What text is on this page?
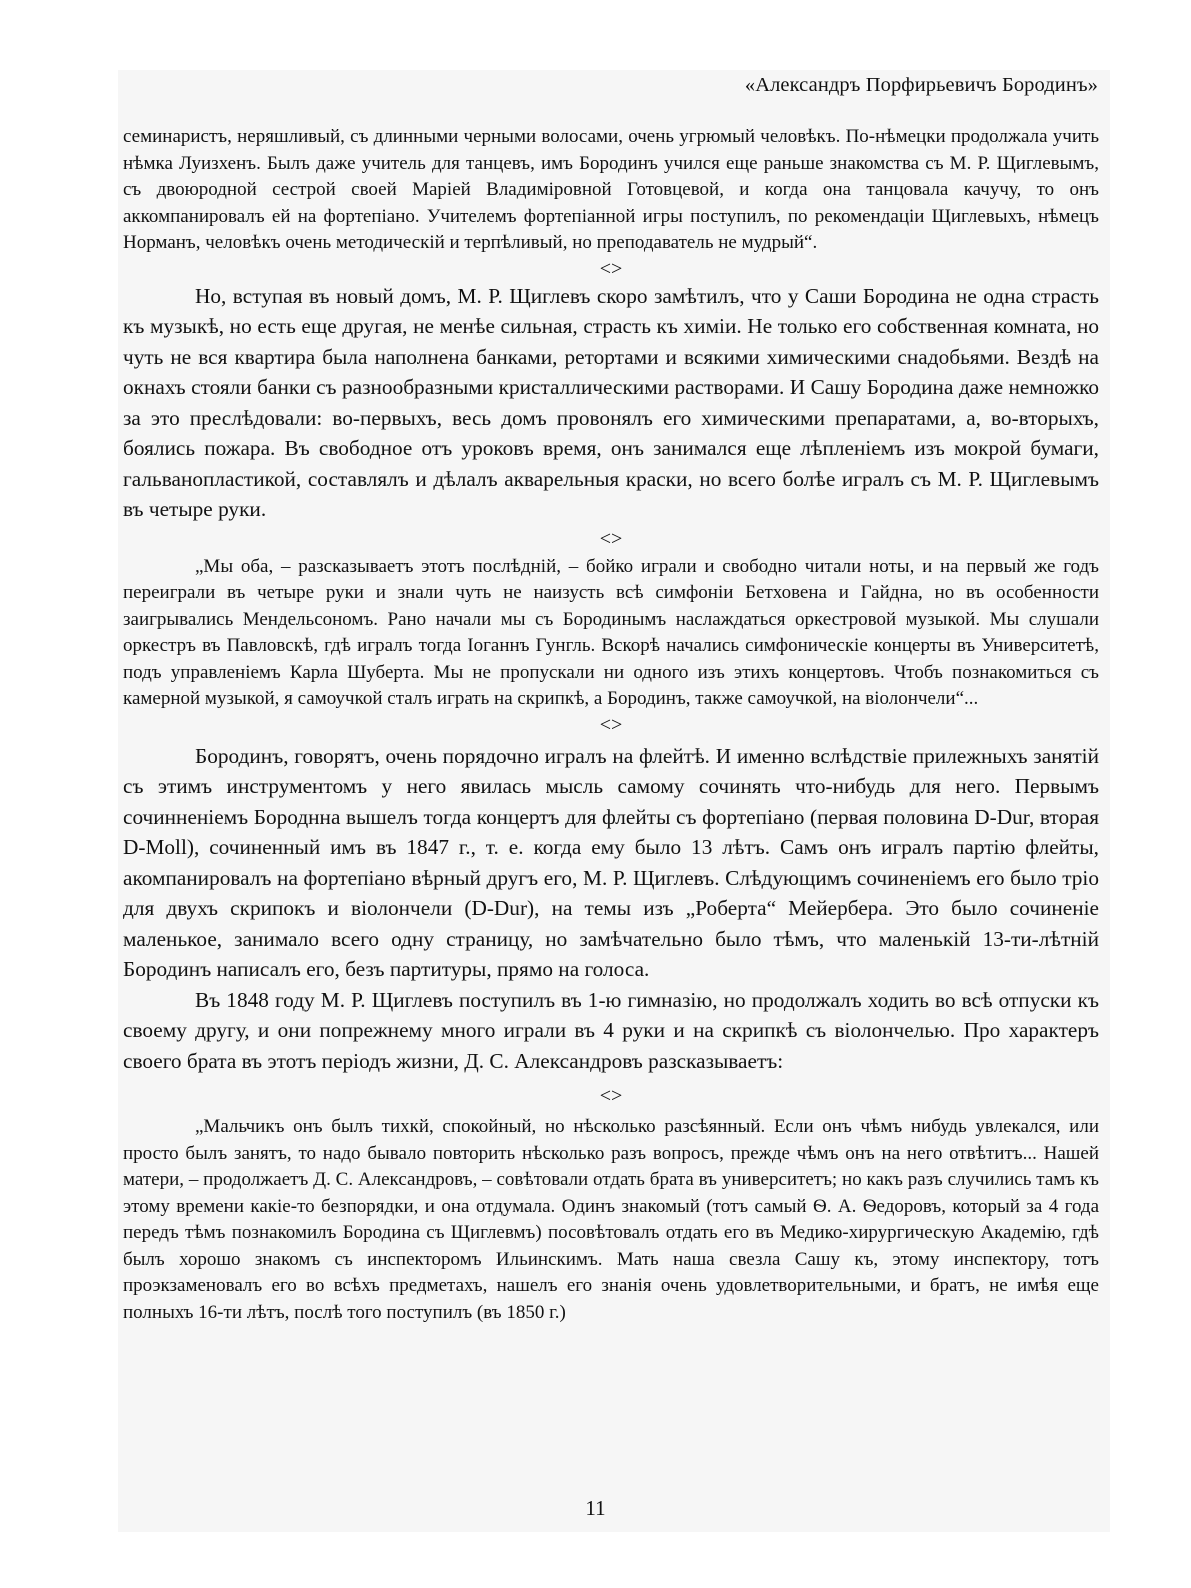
«Александръ Порфирьевичъ Бородинъ»

семинаристъ, неряшливый, съ длинными черными волосами, очень угрюмый человѣкъ. По-нѣмецки продолжала учить нѣмка Луизхенъ. Былъ даже учитель для танцевъ, имъ Бородинъ учился еще раньше знакомства съ М. Р. Щиглевымъ, съ двоюродной сестрой своей Маріей Владиміровной Готовцевой, и когда она танцовала качучу, то онъ аккомпанировалъ ей на фортепіано. Учителемъ фортепіанной игры поступилъ, по рекомендаціи Щиглевыхъ, нѣмецъ Норманъ, человѣкъ очень методическій и терпѣливый, но преподаватель не мудрый“.

<>

Но, вступая въ новый домъ, М. Р. Щиглевъ скоро замѣтилъ, что у Саши Бородина не одна страсть къ музыкѣ, но есть еще другая, не менѣе сильная, страсть къ химіи. Не только его собственная комната, но чуть не вся квартира была наполнена банками, ретортами и всякими химическими снадобьями. Вездѣ на окнахъ стояли банки съ разнообразными кристаллическими растворами. И Сашу Бородина даже немножко за это преслѣдовали: во-первыхъ, весь домъ провонялъ его химическими препаратами, а, во-вторыхъ, боялись пожара. Въ свободное отъ уроковъ время, онъ занимался еще лѣпленіемъ изъ мокрой бумаги, гальванопластикой, составлялъ и дѣлалъ акварельныя краски, но всего болѣе игралъ съ М. Р. Щиглевымъ въ четыре руки.

<>

„Мы оба, – разсказываетъ этотъ послѣдній, – бойко играли и свободно читали ноты, и на первый же годъ переиграли въ четыре руки и знали чуть не наизусть всѣ симфоніи Бетховена и Гайдна, но въ особенности заигрывались Мендельсономъ. Рано начали мы съ Бородинымъ наслаждаться оркестровой музыкой. Мы слушали оркестръ въ Павловскѣ, гдѣ игралъ тогда Іоганнъ Гунгль. Вскорѣ начались симфоническіе концерты въ Университетѣ, подъ управленіемъ Карла Шуберта. Мы не пропускали ни одного изъ этихъ концертовъ. Чтобъ познакомиться съ камерной музыкой, я самоучкой сталъ играть на скрипкѣ, а Бородинъ, также самоучкой, на віолончели“...

<>

Бородинъ, говорятъ, очень порядочно игралъ на флейтѣ. И именно вслѣдствіе прилежныхъ занятій съ этимъ инструментомъ у него явилась мысль самому сочинять что-нибудь для него. Первымъ сочинненіемъ Бороднна вышелъ тогда концертъ для флейты съ фортепіано (первая половина D-Dur, вторая D-Moll), сочиненный имъ въ 1847 г., т. е. когда ему было 13 лѣтъ. Самъ онъ игралъ партію флейты, акомпанировалъ на фортепіано вѣрный другъ его, М. Р. Щиглевъ. Слѣдующимъ сочиненіемъ его было тріо для двухъ скрипокъ и віолончели (D-Dur), на темы изъ „Роберта“ Мейербера. Это было сочиненіе маленькое, занимало всего одну страницу, но замѣчательно было тѣмъ, что маленькій 13-ти-лѣтній Бородинъ написалъ его, безъ партитуры, прямо на голоса.

Въ 1848 году М. Р. Щиглевъ поступилъ въ 1-ю гимназію, но продолжалъ ходить во всѣ отпуски къ своему другу, и они попрежнему много играли въ 4 руки и на скрипкѣ съ віолончелью. Про характеръ своего брата въ этотъ періодъ жизни, Д. С. Александровъ разсказываетъ:

<>

„Мальчикъ онъ былъ тихкй, спокойный, но нѣсколько разсѣянный. Если онъ чѣмъ нибудь увлекался, или просто былъ занятъ, то надо бывало повторить нѣсколько разъ вопросъ, прежде чѣмъ онъ на него отвѣтитъ... Нашей матери, – продолжаетъ Д. С. Александровъ, – совѣтовали отдать брата въ университетъ; но какъ разъ случились тамъ къ этому времени какіе-то безпорядки, и она отдумала. Одинъ знакомый (тотъ самый Ѳ. А. Ѳедоровъ, который за 4 года передъ тѣмъ познакомилъ Бородина съ Щиглевмъ) посовѣтовалъ отдать его въ Медико-хирургическую Академію, гдѣ былъ хорошо знакомъ съ инспекторомъ Ильинскимъ. Мать наша свезла Сашу къ, этому инспектору, тотъ проэкзаменовалъ его во всѣхъ предметахъ, нашелъ его знанія очень удовлетворительными, и братъ, не имѣя еще полныхъ 16-ти лѣтъ, послѣ того поступилъ (въ 1850 г.)

11
